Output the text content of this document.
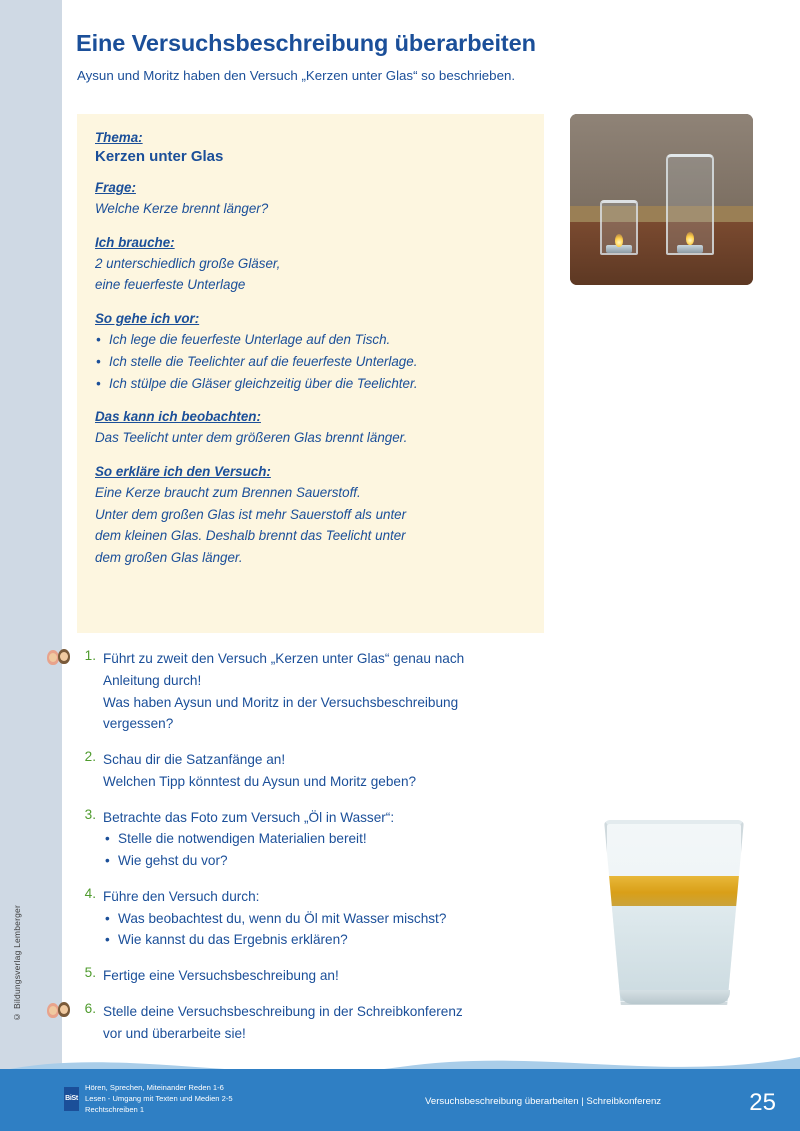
© Bildungsverlag Lemberger
Eine Versuchsbeschreibung überarbeiten
Aysun und Moritz haben den Versuch „Kerzen unter Glas“ so beschrieben.
Thema:
Kerzen unter Glas
Frage:
Welche Kerze brennt länger?
Ich brauche:
2 unterschiedlich große Gläser,
eine feuerfeste Unterlage
So gehe ich vor:
• Ich lege die feuerfeste Unterlage auf den Tisch.
• Ich stelle die Teelichter auf die feuerfeste Unterlage.
• Ich stülpe die Gläser gleichzeitig über die Teelichter.
Das kann ich beobachten:
Das Teelicht unter dem größeren Glas brennt länger.
So erkläre ich den Versuch:
Eine Kerze braucht zum Brennen Sauerstoff.
Unter dem großen Glas ist mehr Sauerstoff als unter
dem kleinen Glas. Deshalb brennt das Teelicht unter
dem großen Glas länger.
1. Führt zu zweit den Versuch „Kerzen unter Glas“ genau nach
Anleitung durch!
Was haben Aysun und Moritz in der Versuchsbeschreibung
vergessen?
2. Schau dir die Satzanfänge an!
Welchen Tipp könntest du Aysun und Moritz geben?
3. Betrachte das Foto zum Versuch „Öl in Wasser“:
• Stelle die notwendigen Materialien bereit!
• Wie gehst du vor?
4. Führe den Versuch durch:
• Was beobachtest du, wenn du Öl mit Wasser mischst?
• Wie kannst du das Ergebnis erklären?
5. Fertige eine Versuchsbeschreibung an!
6. Stelle deine Versuchsbeschreibung in der Schreibkonferenz
vor und überarbeite sie!
BiSt
Hören, Sprechen, Miteinander Reden 1-6
Lesen - Umgang mit Texten und Medien 2-5
Rechtschreiben 1
Versuchsbeschreibung überarbeiten | Schreibkonferenz	25
